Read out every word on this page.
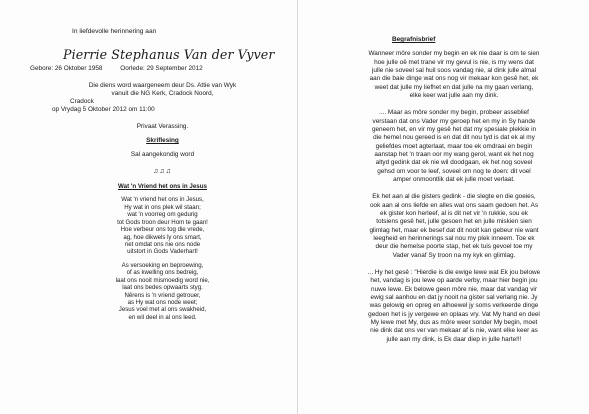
In liefdevolle herinnering aan
Pierrie Stephanus Van der Vyver
Gebore: 26 Oktober 1958	Oorlede: 29 September 2012
Die diens word waargeneem deur Ds. Attie van Wyk
vanuit die NG Kerk, Cradock Noord,
Cradock
op Vrydag 5 Oktober 2012 om 11:00
Privaat Verassing.
Skriflesing
Sal aangekondig word
♫♫♫
Wat 'n Vriend het ons in Jesus
Wat 'n vriend het ons in Jesus,
Hy wat in ons plek wil staan;
wat 'n voorreg om gedurig
tot Gods troon deur Hom te gaan!
Hoe verbeur ons tog die vrede,
ag, hoe dikwels ly ons smart,
net omdat ons nie ons node
uitstort in Gods Vaderhart!
As versoeking en beproewing,
of as kwelling ons bedreig,
laat ons nooit mismoedig word nie,
laat ons bedes opwaarts styg.
Nêrens is 'n vriend getrouer,
as Hy wat ons node weet;
Jesus voel met al ons swakheid,
en wil deel in al ons leed.
Begrafnisbrief
Wanneer môre sonder my begin en ek nie daar is om te sien
hoe julle oë met trane vir my gevul is nie, is my wens dat
julle nie soveel sal huil soos vandag nie, al dink julle almal
aan die baie dinge wat ons nog vir mekaar kon gesê het, ek
weet dat julle my liefhet en dat julle na my gaan verlang,
elke keer wat julle aan my dink.
.... Maar as môre sonder my begin, probeer asseblief
verstaan dat ons Vader my geroep het en my in Sy hande
geneem het, en vir my gesê het dat my spesiale plekkie in
die hemel nou gereed is en dat dit nou tyd is dat ek al my
geliefdes moet agterlaat, maar toe ek omdraai en begin
aanstap het 'n traan oor my wang gerol, want ek het nog
altyd gedink dat ek nie wil doodgaan, ek het nog soveel
gehsd om voor te leef, soveel om nog te doen: dit voel
amper onmoontlik dat ek julle moet verlaat.
Ek het aan al die gisters gedink - die slegte en die goeies,
ook aan al ons liefde en alles wat ons saam gedoen het. As
ek gister kon herleef, al is dit net vir 'n rukkie, sou ek
totsiens gesê het, julle gesoen het en julle miskien sien
glimlag het, maar ek besef dat dit nooit kan gebeur nie want
leegheid en herinnerings sal nou my plek inneem. Toe ek
deur die hemelse poorte stap, het ek tuis gevoel toe my
Vader vanaf Sy troon na my kyk en glimlag.
... Hy het gesê : "Hierdie is die ewige lewe wat Ek jou belowe
het, vandag is jou lewe op aarde verby, maar hier begin jou
nuwe lewe. Ek belowe geen môre nie, maar dat vandag vir
ewig sal aanhou en dat jy nooit na gister sal verlang nie. Jy
was gelowig en opreg en alhoewel jy soms verkeerde dinge
gedoen het is jy vergewe en oplaas vry. Vat My hand en deel
My lewe met My, dus as môre weer sonder My begin, moet
nie dink dat ons ver van mekaar af is nie, want elke keer as
julle aan my dink, is Ek daar diep in julle harte!!!
